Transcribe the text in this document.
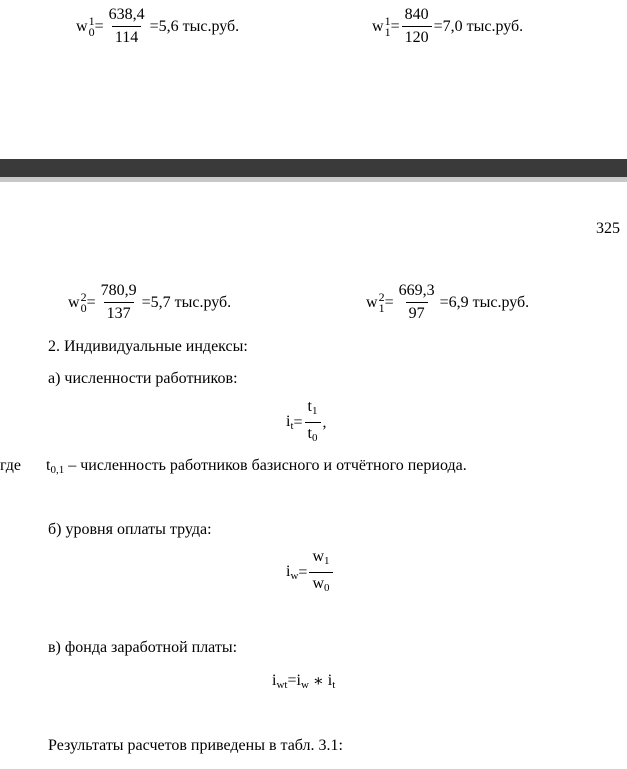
w 1
$0 = \frac{638,4}{114} =5,6$ тыс.руб.	w 1
$1 = \frac{840}{120} =7,0$ тыс.руб.
325
w 2
$0 = \frac{780,9}{137} =5,7$ тыс.руб.	w 2
$1 = \frac{669,3}{97} =6,9$ тыс.руб.
2. Индивидуальные индексы:
а) численности работников:
$i_t = \frac{t_1}{t_0}$ ,
где $t_{0,1}$ – численность работников базисного и отчётного периода.
б) уровня оплаты труда:
$i_w = \frac{w_1}{w_0}$
в) фонда заработной платы:
$i_{wt} = i_w$ ∗ $i_t$
Результаты расчетов приведены в табл. 3.1:
